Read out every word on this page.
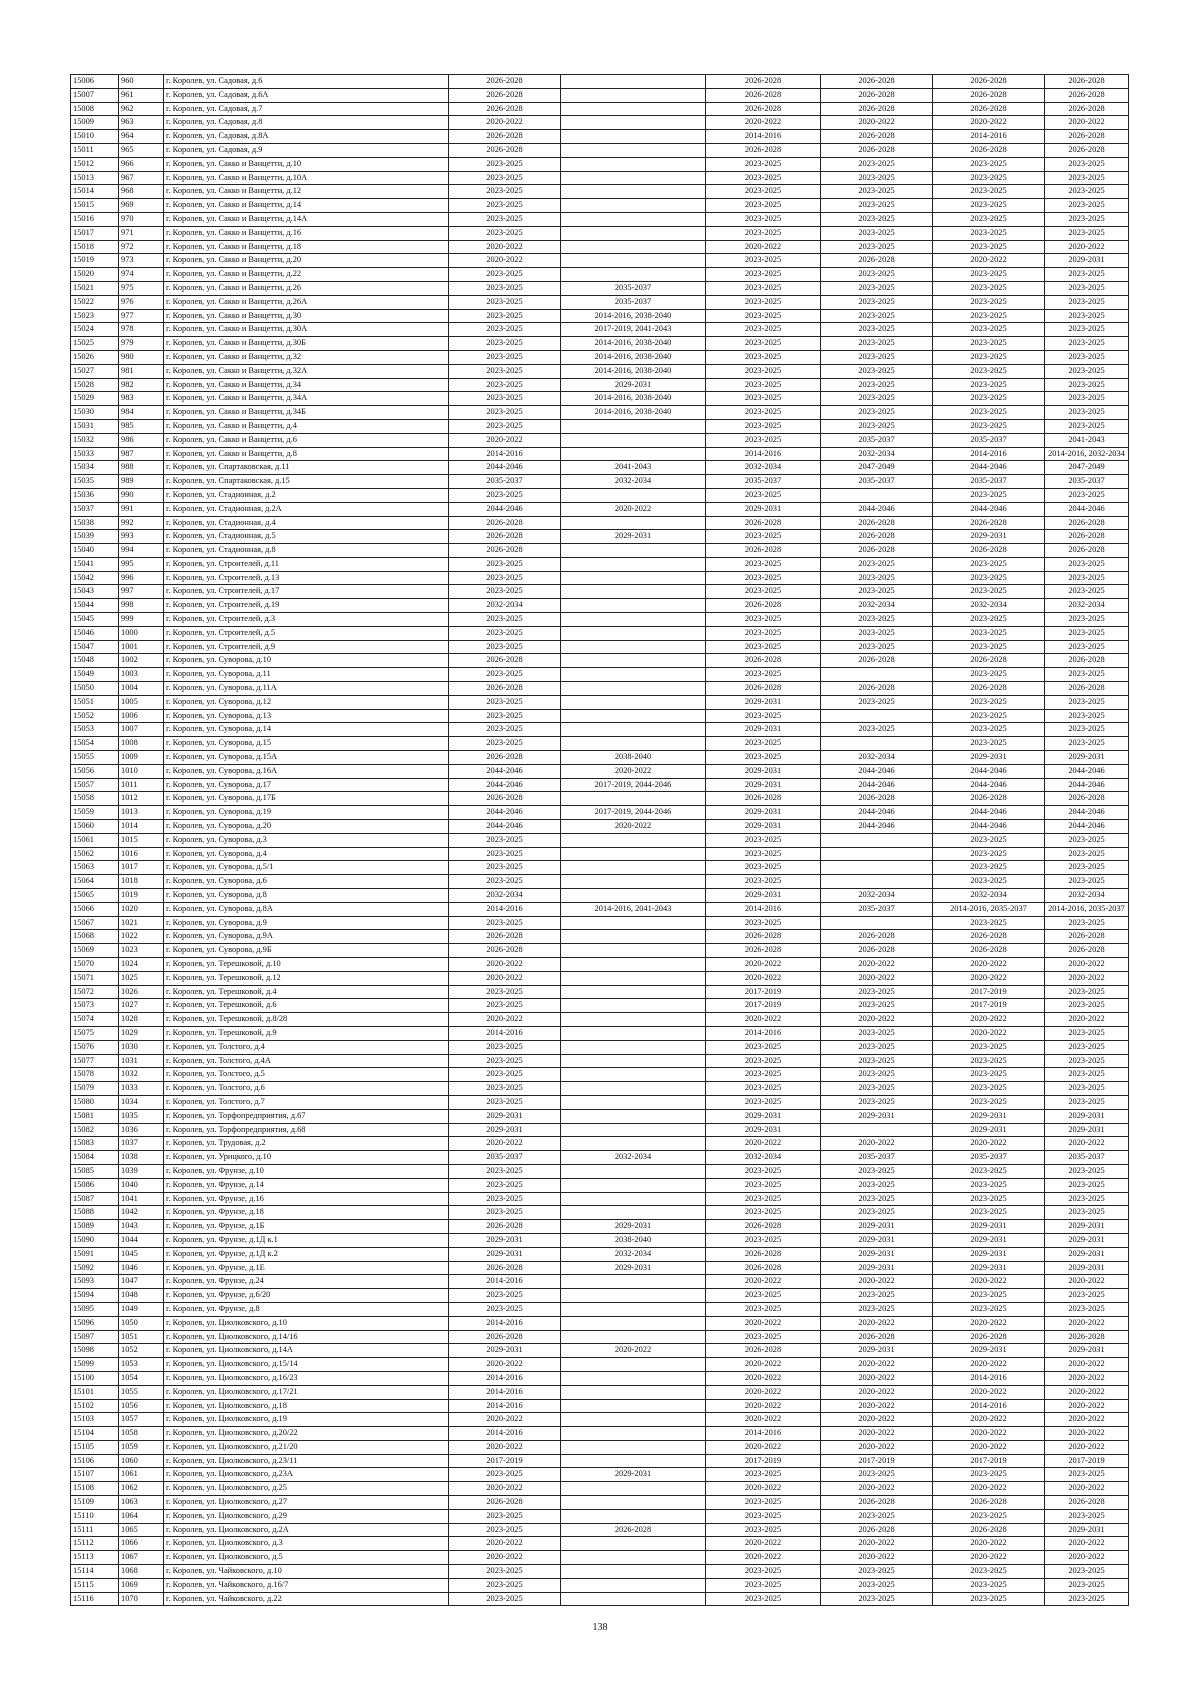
15006	960	г. Королев, ул. Садовая, д.6	2026-2028		2026-2028	2026-2028	2026-2028	2026-2028
15007	961	г. Королев, ул. Садовая, д.6А	2026-2028		2026-2028	2026-2028	2026-2028	2026-2028
15008	962	г. Королев, ул. Садовая, д.7	2026-2028		2026-2028	2026-2028	2026-2028	2026-2028
15009	963	г. Королев, ул. Садовая, д.8	2020-2022		2020-2022	2020-2022	2020-2022	2020-2022
15010	964	г. Королев, ул. Садовая, д.8А	2026-2028		2014-2016	2026-2028	2014-2016	2026-2028
15011	965	г. Королев, ул. Садовая, д.9	2026-2028		2026-2028	2026-2028	2026-2028	2026-2028
15012	966	г. Королев, ул. Сакко и Ванцетти, д.10	2023-2025		2023-2025	2023-2025	2023-2025	2023-2025
15013	967	г. Королев, ул. Сакко и Ванцетти, д.10А	2023-2025		2023-2025	2023-2025	2023-2025	2023-2025
15014	968	г. Королев, ул. Сакко и Ванцетти, д.12	2023-2025		2023-2025	2023-2025	2023-2025	2023-2025
15015	969	г. Королев, ул. Сакко и Ванцетти, д.14	2023-2025		2023-2025	2023-2025	2023-2025	2023-2025
15016	970	г. Королев, ул. Сакко и Ванцетти, д.14А	2023-2025		2023-2025	2023-2025	2023-2025	2023-2025
15017	971	г. Королев, ул. Сакко и Ванцетти, д.16	2023-2025		2023-2025	2023-2025	2023-2025	2023-2025
15018	972	г. Королев, ул. Сакко и Ванцетти, д.18	2020-2022		2020-2022	2023-2025	2023-2025	2020-2022
15019	973	г. Королев, ул. Сакко и Ванцетти, д.20	2020-2022		2023-2025	2026-2028	2020-2022	2029-2031
15020	974	г. Королев, ул. Сакко и Ванцетти, д.22	2023-2025		2023-2025	2023-2025	2023-2025	2023-2025
15021	975	г. Королев, ул. Сакко и Ванцетти, д.26	2023-2025	2035-2037	2023-2025	2023-2025	2023-2025	2023-2025
15022	976	г. Королев, ул. Сакко и Ванцетти, д.26А	2023-2025	2035-2037	2023-2025	2023-2025	2023-2025	2023-2025
15023	977	г. Королев, ул. Сакко и Ванцетти, д.30	2023-2025	2014-2016, 2038-2040	2023-2025	2023-2025	2023-2025	2023-2025
15024	978	г. Королев, ул. Сакко и Ванцетти, д.30А	2023-2025	2017-2019, 2041-2043	2023-2025	2023-2025	2023-2025	2023-2025
15025	979	г. Королев, ул. Сакко и Ванцетти, д.30Б	2023-2025	2014-2016, 2038-2040	2023-2025	2023-2025	2023-2025	2023-2025
15026	980	г. Королев, ул. Сакко и Ванцетти, д.32	2023-2025	2014-2016, 2038-2040	2023-2025	2023-2025	2023-2025	2023-2025
15027	981	г. Королев, ул. Сакко и Ванцетти, д.32А	2023-2025	2014-2016, 2038-2040	2023-2025	2023-2025	2023-2025	2023-2025
15028	982	г. Королев, ул. Сакко и Ванцетти, д.34	2023-2025	2029-2031	2023-2025	2023-2025	2023-2025	2023-2025
15029	983	г. Королев, ул. Сакко и Ванцетти, д.34А	2023-2025	2014-2016, 2038-2040	2023-2025	2023-2025	2023-2025	2023-2025
15030	984	г. Королев, ул. Сакко и Ванцетти, д.34Б	2023-2025	2014-2016, 2038-2040	2023-2025	2023-2025	2023-2025	2023-2025
15031	985	г. Королев, ул. Сакко и Ванцетти, д.4	2023-2025		2023-2025	2023-2025	2023-2025	2023-2025
15032	986	г. Королев, ул. Сакко и Ванцетти, д.6	2020-2022		2023-2025	2035-2037	2035-2037	2041-2043
15033	987	г. Королев, ул. Сакко и Ванцетти, д.8	2014-2016		2014-2016	2032-2034	2014-2016	2014-2016, 2032-2034
15034	988	г. Королев, ул. Спартаковская, д.11	2044-2046	2041-2043	2032-2034	2047-2049	2044-2046	2047-2049
15035	989	г. Королев, ул. Спартаковская, д.15	2035-2037	2032-2034	2035-2037	2035-2037	2035-2037	2035-2037
15036	990	г. Королев, ул. Стадионная, д.2	2023-2025		2023-2025		2023-2025	2023-2025
15037	991	г. Королев, ул. Стадионная, д.2А	2044-2046	2020-2022	2029-2031	2044-2046	2044-2046	2044-2046
15038	992	г. Королев, ул. Стадионная, д.4	2026-2028		2026-2028	2026-2028	2026-2028	2026-2028
15039	993	г. Королев, ул. Стадионная, д.5	2026-2028	2029-2031	2023-2025	2026-2028	2029-2031	2026-2028
15040	994	г. Королев, ул. Стадионная, д.8	2026-2028		2026-2028	2026-2028	2026-2028	2026-2028
15041	995	г. Королев, ул. Строителей, д.11	2023-2025		2023-2025	2023-2025	2023-2025	2023-2025
15042	996	г. Королев, ул. Строителей, д.13	2023-2025		2023-2025	2023-2025	2023-2025	2023-2025
15043	997	г. Королев, ул. Строителей, д.17	2023-2025		2023-2025	2023-2025	2023-2025	2023-2025
15044	998	г. Королев, ул. Строителей, д.19	2032-2034		2026-2028	2032-2034	2032-2034	2032-2034
15045	999	г. Королев, ул. Строителей, д.3	2023-2025		2023-2025	2023-2025	2023-2025	2023-2025
15046	1000	г. Королев, ул. Строителей, д.5	2023-2025		2023-2025	2023-2025	2023-2025	2023-2025
15047	1001	г. Королев, ул. Строителей, д.9	2023-2025		2023-2025	2023-2025	2023-2025	2023-2025
15048	1002	г. Королев, ул. Суворова, д.10	2026-2028		2026-2028	2026-2028	2026-2028	2026-2028
15049	1003	г. Королев, ул. Суворова, д.11	2023-2025		2023-2025		2023-2025	2023-2025
15050	1004	г. Королев, ул. Суворова, д.11А	2026-2028		2026-2028	2026-2028	2026-2028	2026-2028
15051	1005	г. Королев, ул. Суворова, д.12	2023-2025		2029-2031	2023-2025	2023-2025	2023-2025
15052	1006	г. Королев, ул. Суворова, д.13	2023-2025		2023-2025		2023-2025	2023-2025
15053	1007	г. Королев, ул. Суворова, д.14	2023-2025		2029-2031	2023-2025	2023-2025	2023-2025
15054	1008	г. Королев, ул. Суворова, д.15	2023-2025		2023-2025		2023-2025	2023-2025
15055	1009	г. Королев, ул. Суворова, д.15А	2026-2028	2038-2040	2023-2025	2032-2034	2029-2031	2029-2031
15056	1010	г. Королев, ул. Суворова, д.16А	2044-2046	2020-2022	2029-2031	2044-2046	2044-2046	2044-2046
15057	1011	г. Королев, ул. Суворова, д.17	2044-2046	2017-2019, 2044-2046	2029-2031	2044-2046	2044-2046	2044-2046
15058	1012	г. Королев, ул. Суворова, д.17Б	2026-2028		2026-2028	2026-2028	2026-2028	2026-2028
15059	1013	г. Королев, ул. Суворова, д.19	2044-2046	2017-2019, 2044-2046	2029-2031	2044-2046	2044-2046	2044-2046
15060	1014	г. Королев, ул. Суворова, д.20	2044-2046	2020-2022	2029-2031	2044-2046	2044-2046	2044-2046
15061	1015	г. Королев, ул. Суворова, д.3	2023-2025		2023-2025		2023-2025	2023-2025
15062	1016	г. Королев, ул. Суворова, д.4	2023-2025		2023-2025		2023-2025	2023-2025
15063	1017	г. Королев, ул. Суворова, д.5/1	2023-2025		2023-2025		2023-2025	2023-2025
15064	1018	г. Королев, ул. Суворова, д.6	2023-2025		2023-2025		2023-2025	2023-2025
15065	1019	г. Королев, ул. Суворова, д.8	2032-2034		2029-2031	2032-2034	2032-2034	2032-2034
15066	1020	г. Королев, ул. Суворова, д.8А	2014-2016	2014-2016, 2041-2043	2014-2016	2035-2037	2014-2016, 2035-2037	2014-2016, 2035-2037
15067	1021	г. Королев, ул. Суворова, д.9	2023-2025		2023-2025		2023-2025	2023-2025
15068	1022	г. Королев, ул. Суворова, д.9А	2026-2028		2026-2028	2026-2028	2026-2028	2026-2028
15069	1023	г. Королев, ул. Суворова, д.9Б	2026-2028		2026-2028	2026-2028	2026-2028	2026-2028
15070	1024	г. Королев, ул. Терешковой, д.10	2020-2022		2020-2022	2020-2022	2020-2022	2020-2022
15071	1025	г. Королев, ул. Терешковой, д.12	2020-2022		2020-2022	2020-2022	2020-2022	2020-2022
15072	1026	г. Королев, ул. Терешковой, д.4	2023-2025		2017-2019	2023-2025	2017-2019	2023-2025
15073	1027	г. Королев, ул. Терешковой, д.6	2023-2025		2017-2019	2023-2025	2017-2019	2023-2025
15074	1028	г. Королев, ул. Терешковой, д.8/28	2020-2022		2020-2022	2020-2022	2020-2022	2020-2022
15075	1029	г. Королев, ул. Терешковой, д.9	2014-2016		2014-2016	2023-2025	2020-2022	2023-2025
15076	1030	г. Королев, ул. Толстого, д.4	2023-2025		2023-2025	2023-2025	2023-2025	2023-2025
15077	1031	г. Королев, ул. Толстого, д.4А	2023-2025		2023-2025	2023-2025	2023-2025	2023-2025
15078	1032	г. Королев, ул. Толстого, д.5	2023-2025		2023-2025	2023-2025	2023-2025	2023-2025
15079	1033	г. Королев, ул. Толстого, д.6	2023-2025		2023-2025	2023-2025	2023-2025	2023-2025
15080	1034	г. Королев, ул. Толстого, д.7	2023-2025		2023-2025	2023-2025	2023-2025	2023-2025
15081	1035	г. Королев, ул. Торфопредприятия, д.67	2029-2031		2029-2031	2029-2031	2029-2031	2029-2031
15082	1036	г. Королев, ул. Торфопредприятия, д.68	2029-2031		2029-2031		2029-2031	2029-2031
15083	1037	г. Королев, ул. Трудовая, д.2	2020-2022		2020-2022	2020-2022	2020-2022	2020-2022
15084	1038	г. Королев, ул. Урицкого, д.10	2035-2037	2032-2034	2032-2034	2035-2037	2035-2037	2035-2037
15085	1039	г. Королев, ул. Фрунзе, д.10	2023-2025		2023-2025	2023-2025	2023-2025	2023-2025
15086	1040	г. Королев, ул. Фрунзе, д.14	2023-2025		2023-2025	2023-2025	2023-2025	2023-2025
15087	1041	г. Королев, ул. Фрунзе, д.16	2023-2025		2023-2025	2023-2025	2023-2025	2023-2025
15088	1042	г. Королев, ул. Фрунзе, д.18	2023-2025		2023-2025	2023-2025	2023-2025	2023-2025
15089	1043	г. Королев, ул. Фрунзе, д.1Б	2026-2028	2029-2031	2026-2028	2029-2031	2029-2031	2029-2031
15090	1044	г. Королев, ул. Фрунзе, д.1Д к.1	2029-2031	2038-2040	2023-2025	2029-2031	2029-2031	2029-2031
15091	1045	г. Королев, ул. Фрунзе, д.1Д к.2	2029-2031	2032-2034	2026-2028	2029-2031	2029-2031	2029-2031
15092	1046	г. Королев, ул. Фрунзе, д.1Е	2026-2028	2029-2031	2026-2028	2029-2031	2029-2031	2029-2031
15093	1047	г. Королев, ул. Фрунзе, д.24	2014-2016		2020-2022	2020-2022	2020-2022	2020-2022
15094	1048	г. Королев, ул. Фрунзе, д.6/20	2023-2025		2023-2025	2023-2025	2023-2025	2023-2025
15095	1049	г. Королев, ул. Фрунзе, д.8	2023-2025		2023-2025	2023-2025	2023-2025	2023-2025
15096	1050	г. Королев, ул. Циолковского, д.10	2014-2016		2020-2022	2020-2022	2020-2022	2020-2022
15097	1051	г. Королев, ул. Циолковского, д.14/16	2026-2028		2023-2025	2026-2028	2026-2028	2026-2028
15098	1052	г. Королев, ул. Циолковского, д.14А	2029-2031	2020-2022	2026-2028	2029-2031	2029-2031	2029-2031
15099	1053	г. Королев, ул. Циолковского, д.15/14	2020-2022		2020-2022	2020-2022	2020-2022	2020-2022
15100	1054	г. Королев, ул. Циолковского, д.16/23	2014-2016		2020-2022	2020-2022	2014-2016	2020-2022
15101	1055	г. Королев, ул. Циолковского, д.17/21	2014-2016		2020-2022	2020-2022	2020-2022	2020-2022
15102	1056	г. Королев, ул. Циолковского, д.18	2014-2016		2020-2022	2020-2022	2014-2016	2020-2022
15103	1057	г. Королев, ул. Циолковского, д.19	2020-2022		2020-2022	2020-2022	2020-2022	2020-2022
15104	1058	г. Королев, ул. Циолковского, д.20/22	2014-2016		2014-2016	2020-2022	2020-2022	2020-2022
15105	1059	г. Королев, ул. Циолковского, д.21/20	2020-2022		2020-2022	2020-2022	2020-2022	2020-2022
15106	1060	г. Королев, ул. Циолковского, д.23/11	2017-2019		2017-2019	2017-2019	2017-2019	2017-2019
15107	1061	г. Королев, ул. Циолковского, д.23А	2023-2025	2029-2031	2023-2025	2023-2025	2023-2025	2023-2025
15108	1062	г. Королев, ул. Циолковского, д.25	2020-2022		2020-2022	2020-2022	2020-2022	2020-2022
15109	1063	г. Королев, ул. Циолковского, д.27	2026-2028		2023-2025	2026-2028	2026-2028	2026-2028
15110	1064	г. Королев, ул. Циолковского, д.29	2023-2025		2023-2025	2023-2025	2023-2025	2023-2025
15111	1065	г. Королев, ул. Циолковского, д.2А	2023-2025	2026-2028	2023-2025	2026-2028	2026-2028	2029-2031
15112	1066	г. Королев, ул. Циолковского, д.3	2020-2022		2020-2022	2020-2022	2020-2022	2020-2022
15113	1067	г. Королев, ул. Циолковского, д.5	2020-2022		2020-2022	2020-2022	2020-2022	2020-2022
15114	1068	г. Королев, ул. Чайковского, д.10	2023-2025		2023-2025	2023-2025	2023-2025	2023-2025
15115	1069	г. Королев, ул. Чайковского, д.16/7	2023-2025		2023-2025	2023-2025	2023-2025	2023-2025
15116	1070	г. Королев, ул. Чайковского, д.22	2023-2025		2023-2025	2023-2025	2023-2025	2023-2025
138
